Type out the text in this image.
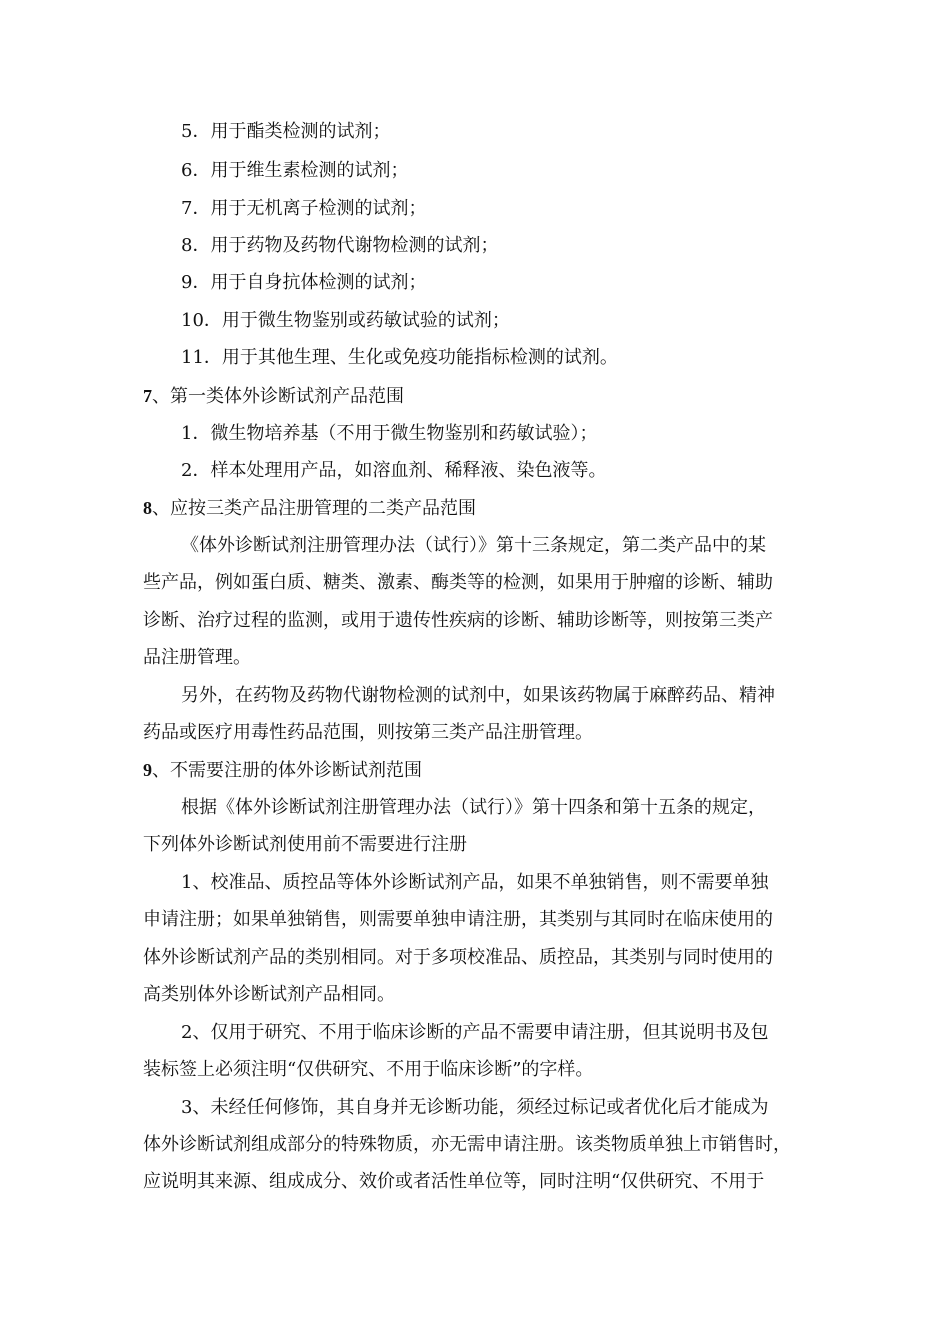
5．用于酯类检测的试剂；
6．用于维生素检测的试剂；
7．用于无机离子检测的试剂；
8．用于药物及药物代谢物检测的试剂；
9．用于自身抗体检测的试剂；
10．用于微生物鉴别或药敏试验的试剂；
11．用于其他生理、生化或免疫功能指标检测的试剂。
7、第一类体外诊断试剂产品范围
1．微生物培养基（不用于微生物鉴别和药敏试验）；
2．样本处理用产品，如溶血剂、稀释液、染色液等。
8、应按三类产品注册管理的二类产品范围
《体外诊断试剂注册管理办法（试行）》第十三条规定，第二类产品中的某
些产品，例如蛋白质、糖类、激素、酶类等的检测，如果用于肿瘤的诊断、辅助
诊断、治疗过程的监测，或用于遗传性疾病的诊断、辅助诊断等，则按第三类产
品注册管理。
另外，在药物及药物代谢物检测的试剂中，如果该药物属于麻醉药品、精神
药品或医疗用毒性药品范围，则按第三类产品注册管理。
9、不需要注册的体外诊断试剂范围
根据《体外诊断试剂注册管理办法（试行）》第十四条和第十五条的规定，
下列体外诊断试剂使用前不需要进行注册
1、校准品、质控品等体外诊断试剂产品，如果不单独销售，则不需要单独
申请注册；如果单独销售，则需要单独申请注册，其类别与其同时在临床使用的
体外诊断试剂产品的类别相同。对于多项校准品、质控品，其类别与同时使用的
高类别体外诊断试剂产品相同。
2、仅用于研究、不用于临床诊断的产品不需要申请注册，但其说明书及包
装标签上必须注明“仅供研究、不用于临床诊断”的字样。
3、未经任何修饰，其自身并无诊断功能，须经过标记或者优化后才能成为
体外诊断试剂组成部分的特殊物质，亦无需申请注册。该类物质单独上市销售时，
应说明其来源、组成成分、效价或者活性单位等，同时注明“仅供研究、不用于
